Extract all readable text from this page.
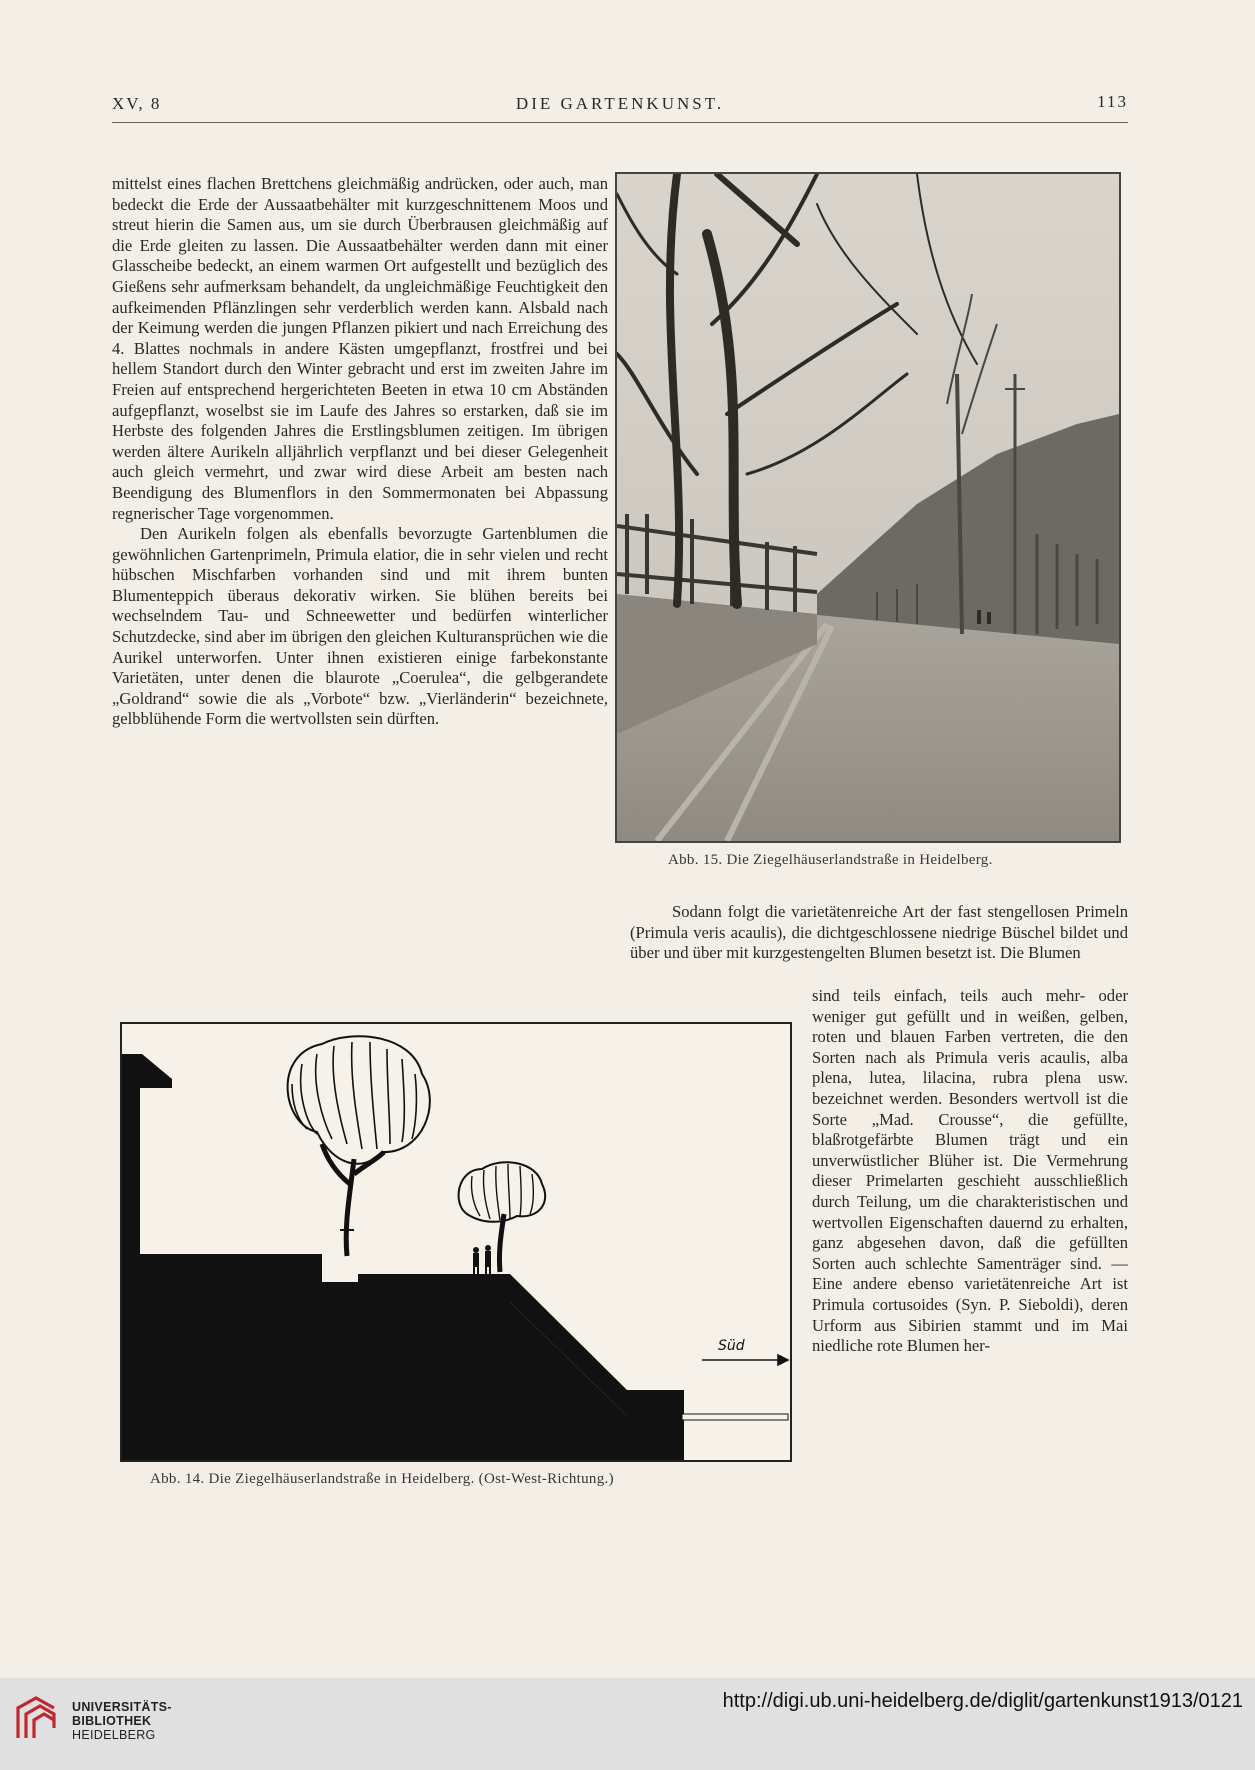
XV, 8	DIE GARTENKUNST.	113

mittelst eines flachen Brettchens gleichmäßig andrücken, oder auch, man bedeckt die Erde der Aussaatbehälter mit kurzgeschnittenem Moos und streut hierin die Samen aus, um sie durch Überbrausen gleichmäßig auf die Erde gleiten zu lassen. Die Aussaatbehälter werden dann mit einer Glasscheibe bedeckt, an einem warmen Ort aufgestellt und bezüglich des Gießens sehr aufmerksam behandelt, da ungleichmäßige Feuchtigkeit den aufkeimenden Pflänzlingen sehr verderblich werden kann. Alsbald nach der Keimung werden die jungen Pflanzen pikiert und nach Erreichung des 4. Blattes nochmals in andere Kästen umgepflanzt, frostfrei und bei hellem Standort durch den Winter gebracht und erst im zweiten Jahre im Freien auf entsprechend hergerichteten Beeten in etwa 10 cm Abständen aufgepflanzt, woselbst sie im Laufe des Jahres so erstarken, daß sie im Herbste des folgenden Jahres die Erstlingsblumen zeitigen. Im übrigen werden ältere Aurikeln alljährlich verpflanzt und bei dieser Gelegenheit auch gleich vermehrt, und zwar wird diese Arbeit am besten nach Beendigung des Blumenflors in den Sommermonaten bei Abpassung regnerischer Tage vorgenommen.

Den Aurikeln folgen als ebenfalls bevorzugte Gartenblumen die gewöhnlichen Gartenprimeln, Primula elatior, die in sehr vielen und recht hübschen Mischfarben vorhanden sind und mit ihrem bunten Blumenteppich überaus dekorativ wirken. Sie blühen bereits bei wechselndem Tau- und Schneewetter und bedürfen winterlicher Schutzdecke, sind aber im übrigen den gleichen Kulturansprüchen wie die Aurikel unterworfen. Unter ihnen existieren einige farbekonstante Varietäten, unter denen die blaurote „Coerulea“, die gelbgerandete „Goldrand“ sowie die als „Vorbote“ bzw. „Vierländerin“ bezeichnete, gelbblühende Form die wertvollsten sein dürften.

Abb. 15. Die Ziegelhäuserlandstraße in Heidelberg.

Sodann folgt die varietätenreiche Art der fast stengellosen Primeln (Primula veris acaulis), die dichtgeschlossene niedrige Büschel bildet und über und über mit kurzgestengelten Blumen besetzt ist. Die Blumen

sind teils einfach, teils auch mehr- oder weniger gut gefüllt und in weißen, gelben, roten und blauen Farben vertreten, die den Sorten nach als Primula veris acaulis, alba plena, lutea, lilacina, rubra plena usw. bezeichnet werden. Besonders wertvoll ist die Sorte „Mad. Crousse“, die gefüllte, blaßrotgefärbte Blumen trägt und ein unverwüstlicher Blüher ist. Die Vermehrung dieser Primelarten geschieht ausschließlich durch Teilung, um die charakteristischen und wertvollen Eigenschaften dauernd zu erhalten, ganz abgesehen davon, daß die gefüllten Sorten auch schlechte Samenträger sind. — Eine andere ebenso varietätenreiche Art ist Primula cortusoides (Syn. P. Sieboldi), deren Urform aus Sibirien stammt und im Mai niedliche rote Blumen her-

Nord	Süd
12.0	2.0	6.0	2.0	7.0	1.5
Abb. 14. Die Ziegelhäuserlandstraße in Heidelberg. (Ost-West-Richtung.)
UNIVERSITÄTS-
BIBLIOTHEK
HEIDELBERG
http://digi.ub.uni-heidelberg.de/diglit/gartenkunst1913/0121
